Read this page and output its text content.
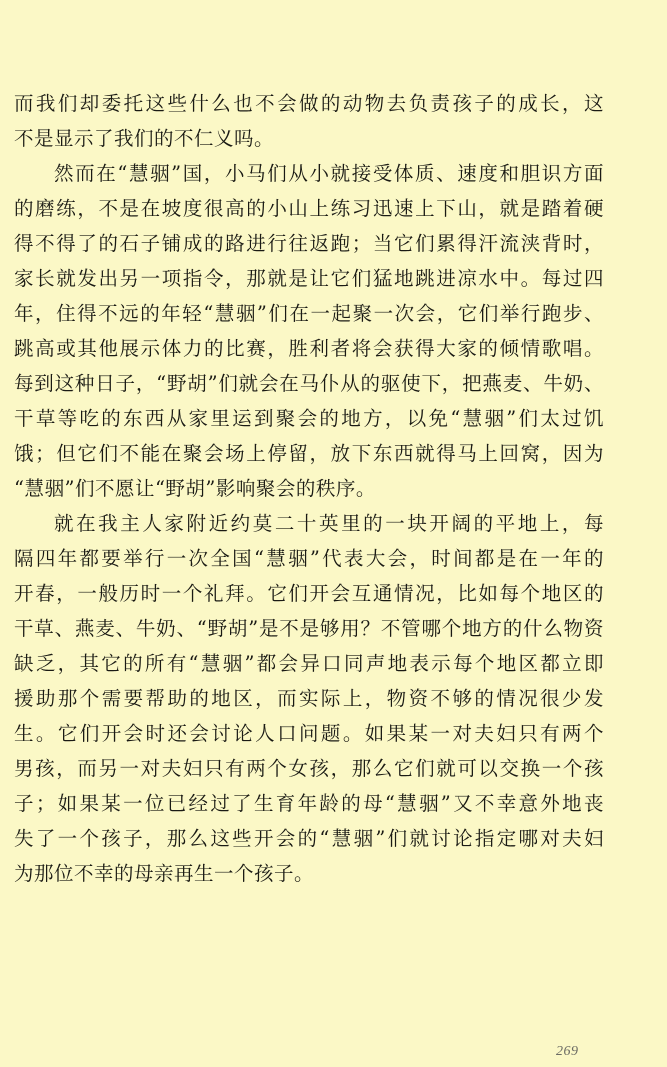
而我们却委托这些什么也不会做的动物去负责孩子的成长，这
不是显示了我们的不仁义吗。
然而在“慧骃”国，小马们从小就接受体质、速度和胆识方面
的磨练，不是在坡度很高的小山上练习迅速上下山，就是踏着硬
得不得了的石子铺成的路进行往返跑；当它们累得汗流浃背时，
家长就发出另一项指令，那就是让它们猛地跳进凉水中。每过四
年，住得不远的年轻“慧骃”们在一起聚一次会，它们举行跑步、
跳高或其他展示体力的比赛，胜利者将会获得大家的倾情歌唱。
每到这种日子，“野胡”们就会在马仆从的驱使下，把燕麦、牛奶、
干草等吃的东西从家里运到聚会的地方，以免“慧骃”们太过饥
饿；但它们不能在聚会场上停留，放下东西就得马上回窝，因为
“慧骃”们不愿让“野胡”影响聚会的秩序。
就在我主人家附近约莫二十英里的一块开阔的平地上，每
隔四年都要举行一次全国“慧骃”代表大会，时间都是在一年的
开春，一般历时一个礼拜。它们开会互通情况，比如每个地区的
干草、燕麦、牛奶、“野胡”是不是够用？不管哪个地方的什么物资
缺乏，其它的所有“慧骃”都会异口同声地表示每个地区都立即
援助那个需要帮助的地区，而实际上，物资不够的情况很少发
生。它们开会时还会讨论人口问题。如果某一对夫妇只有两个
男孩，而另一对夫妇只有两个女孩，那么它们就可以交换一个孩
子；如果某一位已经过了生育年龄的母“慧骃”又不幸意外地丧
失了一个孩子，那么这些开会的“慧骃”们就讨论指定哪对夫妇
为那位不幸的母亲再生一个孩子。
269
